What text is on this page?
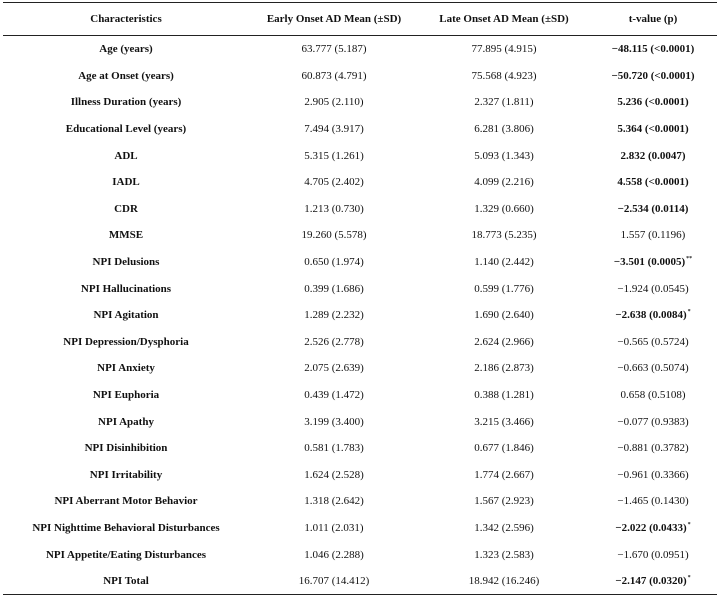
Characteristics	Early Onset AD Mean (±SD)	Late Onset AD Mean (±SD)	t-value (p)
Age (years)	63.777 (5.187)	77.895 (4.915)	−48.115 (<0.0001)
Age at Onset (years)	60.873 (4.791)	75.568 (4.923)	−50.720 (<0.0001)
Illness Duration (years)	2.905 (2.110)	2.327 (1.811)	5.236 (<0.0001)
Educational Level (years)	7.494 (3.917)	6.281 (3.806)	5.364 (<0.0001)
ADL	5.315 (1.261)	5.093 (1.343)	2.832 (0.0047)
IADL	4.705 (2.402)	4.099 (2.216)	4.558 (<0.0001)
CDR	1.213 (0.730)	1.329 (0.660)	−2.534 (0.0114)
MMSE	19.260 (5.578)	18.773 (5.235)	1.557 (0.1196)
NPI Delusions	0.650 (1.974)	1.140 (2.442)	−3.501 (0.0005)**
NPI Hallucinations	0.399 (1.686)	0.599 (1.776)	−1.924 (0.0545)
NPI Agitation	1.289 (2.232)	1.690 (2.640)	−2.638 (0.0084)*
NPI Depression/Dysphoria	2.526 (2.778)	2.624 (2.966)	−0.565 (0.5724)
NPI Anxiety	2.075 (2.639)	2.186 (2.873)	−0.663 (0.5074)
NPI Euphoria	0.439 (1.472)	0.388 (1.281)	0.658 (0.5108)
NPI Apathy	3.199 (3.400)	3.215 (3.466)	−0.077 (0.9383)
NPI Disinhibition	0.581 (1.783)	0.677 (1.846)	−0.881 (0.3782)
NPI Irritability	1.624 (2.528)	1.774 (2.667)	−0.961 (0.3366)
NPI Aberrant Motor Behavior	1.318 (2.642)	1.567 (2.923)	−1.465 (0.1430)
NPI Nighttime Behavioral Disturbances	1.011 (2.031)	1.342 (2.596)	−2.022 (0.0433)*
NPI Appetite/Eating Disturbances	1.046 (2.288)	1.323 (2.583)	−1.670 (0.0951)
NPI Total	16.707 (14.412)	18.942 (16.246)	−2.147 (0.0320)*
